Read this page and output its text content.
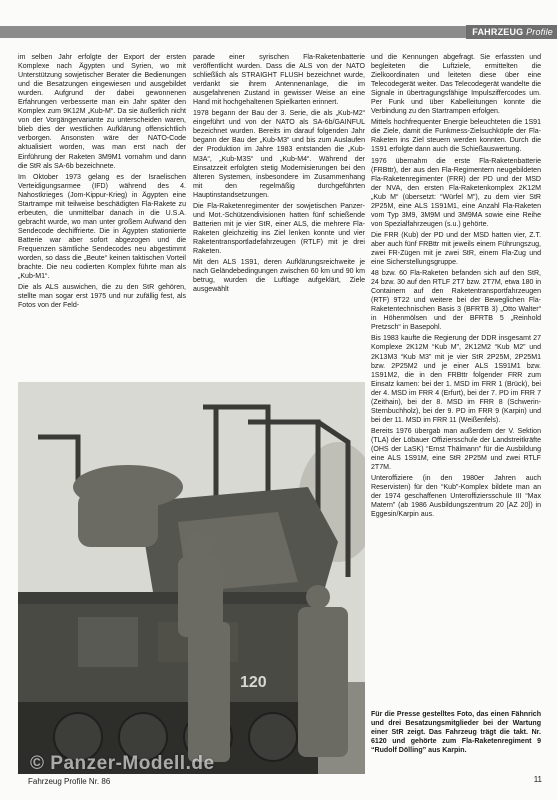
FAHRZEUG Profile

im selben Jahr erfolgte der Export der ersten Komplexe nach Ägypten und Syrien, wo mit Unterstützung sowjetischer Berater die Bedienungen und die Besatzungen eingewiesen und ausgebildet wurden. Aufgrund der dabei gewonnenen Erfahrungen verbesserte man ein Jahr später den Komplex zum 9K12M „Kub-M“. Da sie äußerlich nicht von der Vorgängervariante zu unterscheiden waren, blieb dies der westlichen Aufklärung offensichtlich verborgen. Ansonsten wäre der NATO-Code aktualisiert worden, was man erst nach der Einführung der Raketen 3M9M1 vornahm und dann die StR als SA-6b bezeichnete.

Im Oktober 1973 gelang es der Israelischen Verteidigungsarmee (IFD) während des 4. Nahostkrieges (Jom-Kippur-Krieg) in Ägypten eine Startrampe mit teilweise beschädigten Fla-Rakete zu erbeuten, die unmittelbar danach in die U.S.A. gebracht wurde, wo man unter großem Aufwand den Sendecode dechiffrierte. Die in Ägypten stationierte Batterie war aber sofort abgezogen und die Frequenzen sämtliche Sendecodes neu abgestimmt worden, so dass die „Beute“ keinen taktischen Vorteil brachte. Die neu codierten Komplex führte man als „Kub-M1“.

Die als ALS auswichen, die zu den StR gehören, stellte man sogar erst 1975 und nur zufällig fest, als Fotos von der Feld-

parade einer syrischen Fla-Raketenbatterie veröffentlicht wurden. Dass die ALS von der NATO schließlich als STRAIGHT FLUSH bezeichnet wurde, verdankt sie ihrem Antennenanlage, die im ausgefahrenen Zustand in gewisser Weise an eine Hand mit hochgehaltenen Spielkarten erinnert.

1978 begann der Bau der 3. Serie, die als „Kub-M2“ eingeführt und von der NATO als SA-6b/GAINFUL bezeichnet wurden. Bereits im darauf folgenden Jahr begann der Bau der „Kub-M3“ und bis zum Auslaufen der Produktion im Jahre 1983 entstanden die „Kub-M3A“, „Kub-M3S“ und „Kub-M4“. Während der Einsatzzeit erfolgten stetig Modernisierungen bei den älteren Systemen, insbesondere im Zusammenhang mit den regelmäßig durchgeführten Hauptinstandsetzungen.

Die Fla-Raketenregimenter der sowjetischen Panzer- und Mot.-Schützendivisionen hatten fünf schießende Batterien mit je vier StR, einer ALS, die mehrere Fla-Raketen gleichzeitig ins Ziel lenken konnte und vier Raketentransportladefahrzeugen (RTLF) mit je drei Raketen.

Mit den ALS 1S91, deren Aufklärungsreichweite je nach Geländebedingungen zwischen 60 km und 90 km betrug, wurden die Luftlage aufgeklärt, Ziele ausgewählt

und die Kennungen abgefragt. Sie erfassten und begleiteten die Luftziele, ermittelten die Zielkoordinaten und leiteten diese über eine Telecodegerät weiter. Das Telecodegerät wandelte die Signale in übertragungsfähige Impulsziffercodes um. Per Funk und über Kabelleitungen konnte die Verbindung zu den Startrampen erfolgen.

Mittels hochfrequenter Energie beleuchteten die 1S91 die Ziele, damit die Funkmess-Zielsuchköpfe der Fla-Raketen ins Ziel steuern werden konnten. Durch die 1S91 erfolgte dann auch die Schießauswertung.

1976 übernahm die erste Fla-Raketenbatterie (FRBttr), der aus den Fla-Regimentern neugebildeten Fla-Raketenregimenter (FRR) der PD und der MSD der NVA, den ersten Fla-Raketenkomplex 2K12M „Kub M“ (übersetzt: “Würfel M”), zu dem vier StR 2P25M, eine ALS 1S91M1, eine Anzahl Fla-Raketen vom Typ 3M9, 3M9M und 3M9MA sowie eine Reihe von Spezialfahrzeugen (s.u.) gehörte.

Die FRR (Kub) der PD und der MSD hatten vier, Z.T. aber auch fünf FRBttr mit jeweils einem Führungszug, zwei FR-Zügen mit je zwei StR, einem Fla-Zug und eine Sicherstellungsgruppe.

48 bzw. 60 Fla-Raketen befanden sich auf den StR, 24 bzw. 30 auf den RTLF 2T7 bzw. 2T7M, etwa 180 in Containern auf den Raketentransportfahrzeugen (RTF) 9T22 und weitere bei der Beweglichen Fla-Raketentechnischen Basis 3 (BFRTB 3) „Otto Walter“ in Höhenmölsen und der BFRTB 5 „Reinhold Pretzsch“ in Basepohl.

Bis 1983 kaufte die Regierung der DDR insgesamt 27 Komplexe 2K12M “Kub M”, 2K12M2 “Kub M2” und 2K13M3 “Kub M3” mit je vier StR 2P25M, 2P25M1 bzw. 2P25M2 und je einer ALS 1S91M1 bzw. 1S91M2, die in den FRBttr folgender FRR zum Einsatz kamen: bei der 1. MSD im FRR 1 (Brück), bei der 4. MSD im FRR 4 (Erfurt), bei der 7. PD im FRR 7 (Zeithain), bei der 8. MSD im FRR 8 (Schwerin-Sternbuchholz), bei der 9. PD im FRR 9 (Karpin) und bei der 11. MSD im FRR 11 (Weißenfels).

Bereits 1976 übergab man außerdem der V. Sektion (TLA) der Löbauer Offiziersschule der Landstreitkräfte (OHS der LaSK) “Ernst Thälmann” für die Ausbildung eine ALS 1S91M, eine StR 2P25M und zwei RTLF 2T7M.

Unteroffiziere (in den 1980er Jahren auch Reservisten) für den “Kub”-Komplex bildete man an der 1974 geschaffenen Unteroffiziersschule III “Max Matern” (ab 1986 Ausbildungszentrum 20 [AZ 20]) in Eggesin/Karpin aus.

120
Für die Presse gestelltes Foto, das einen Fähnrich und drei Besatzungsmitglieder bei der Wartung einer StR zeigt. Das Fahrzeug trägt die takt. Nr. 6120 und gehörte zum Fla-Raketenregiment 9 “Rudolf Dölling” aus Karpin.
© Panzer-Modell.de
Fahrzeug Profile Nr. 86	11
